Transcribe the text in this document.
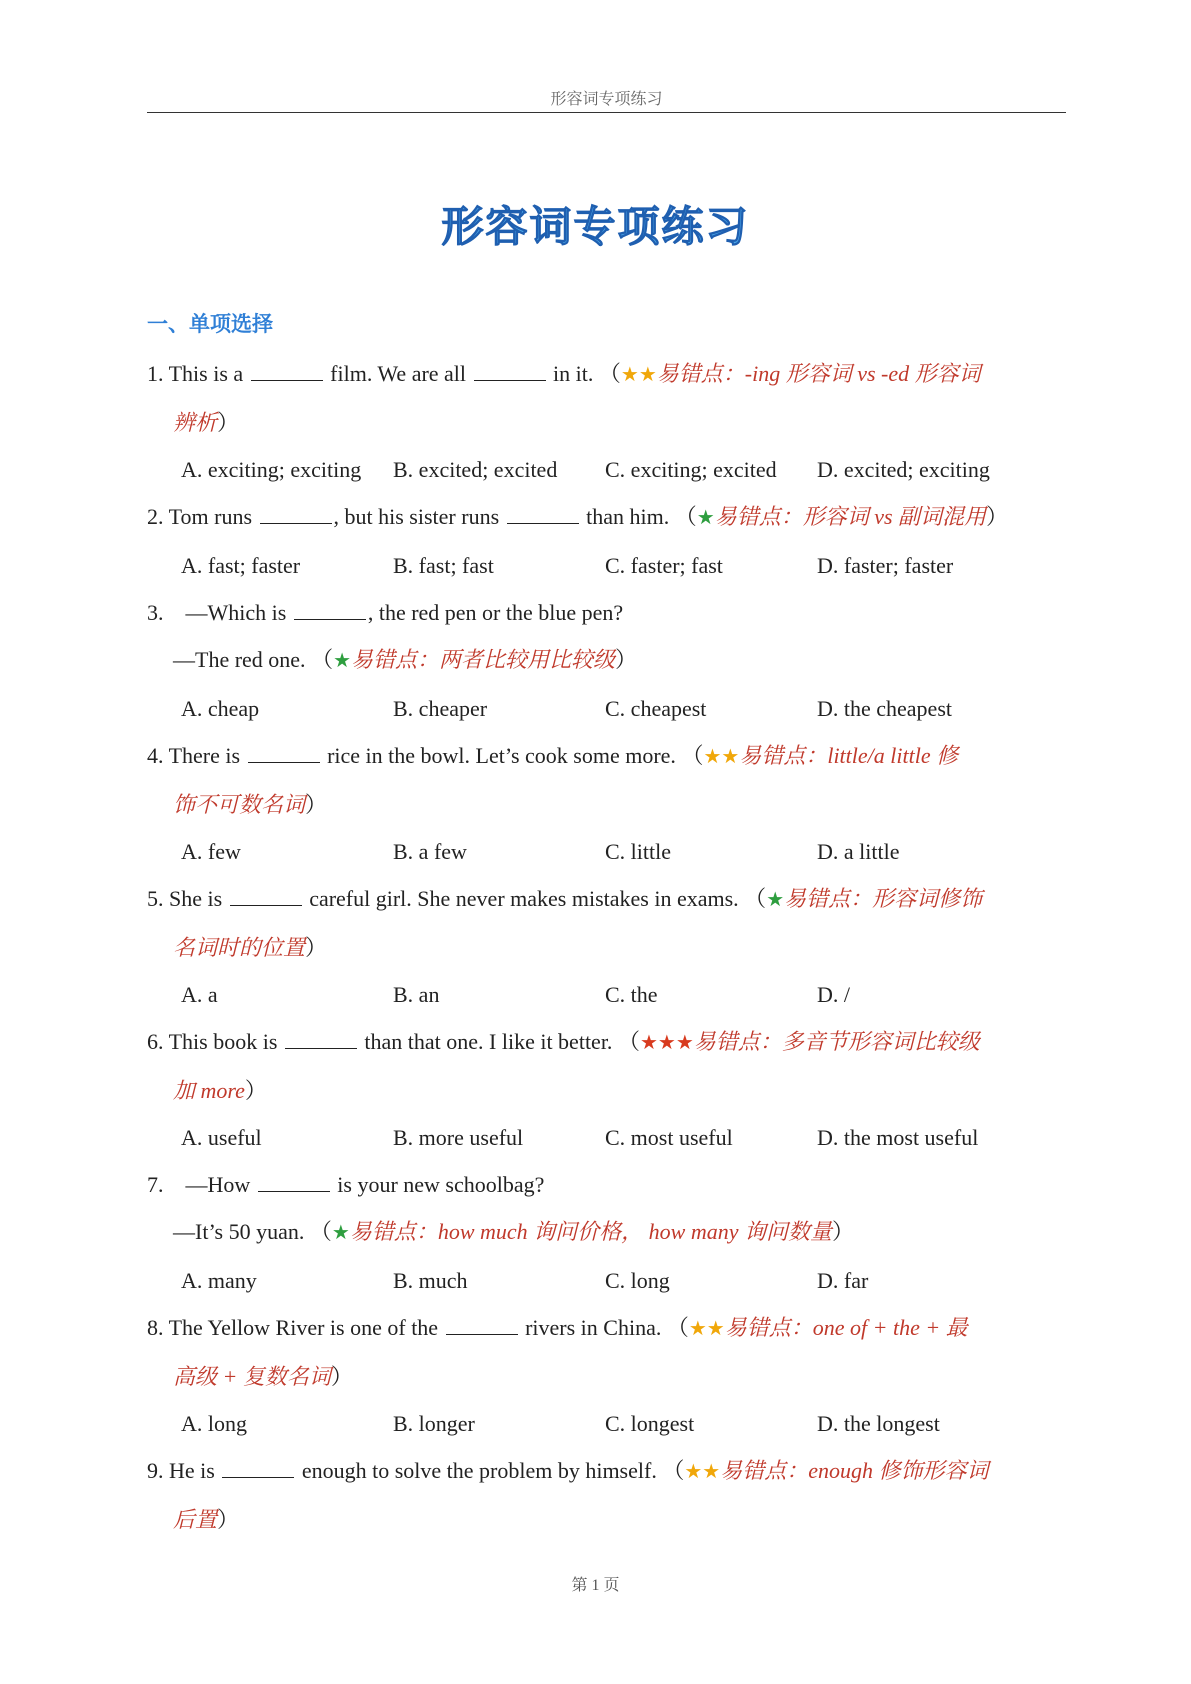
形容词专项练习
形容词专项练习
一、单项选择
1. This is a	film. We are all	in it. （★★易错点：-ing 形容词 vs -ed 形容词
辨析）
A. exciting; exciting	B. excited; excited	C. exciting; excited	D. excited; exciting
2. Tom runs	, but his sister runs	than him. （★易错点：形容词 vs 副词混用）
A. fast; faster	B. fast; fast	C. faster; fast	D. faster; faster
3.　—Which is	, the red pen or the blue pen?
—The red one. （★易错点：两者比较用比较级）
A. cheap	B. cheaper	C. cheapest	D. the cheapest
4. There is	rice in the bowl. Let’s cook some more. （★★易错点：little/a little 修
饰不可数名词）
A. few	B. a few	C. little	D. a little
5. She is	careful girl. She never makes mistakes in exams. （★易错点：形容词修饰
名词时的位置）
A. a	B. an	C. the	D. /
6. This book is	than that one. I like it better. （★★★易错点：多音节形容词比较级
加 more）
A. useful	B. more useful	C. most useful	D. the most useful
7.　—How	is your new schoolbag?
—It’s 50 yuan. （★易错点：how much 询问价格， how many 询问数量）
A. many	B. much	C. long	D. far
8. The Yellow River is one of the	rivers in China. （★★易错点：one of + the + 最
高级 + 复数名词）
A. long	B. longer	C. longest	D. the longest
9. He is	enough to solve the problem by himself. （★★易错点：enough 修饰形容词
后置）
第 1 页
